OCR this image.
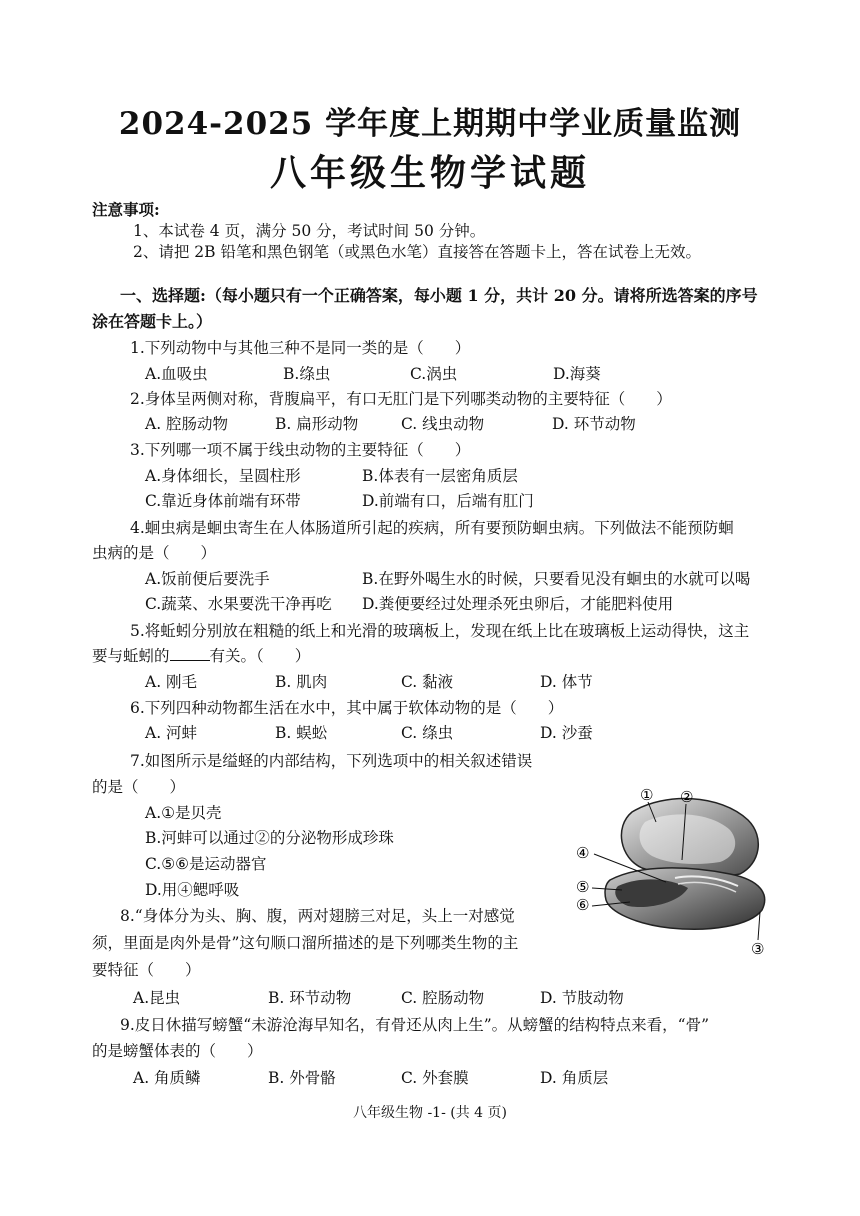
2024-2025 学年度上期期中学业质量监测
八年级生物学试题
注意事项:
1、本试卷 4 页，满分 50 分，考试时间 50 分钟。
2、请把 2B 铅笔和黑色钢笔（或黑色水笔）直接答在答题卡上，答在试卷上无效。
一、选择题:（每小题只有一个正确答案，每小题 1 分，共计 20 分。请将所选答案的序号
涂在答题卡上。）
1.下列动物中与其他三种不是同一类的是（　　）
A.血吸虫	B.绦虫	C.涡虫	D.海葵
2.身体呈两侧对称，背腹扁平，有口无肛门是下列哪类动物的主要特征（　　）
A. 腔肠动物	B. 扁形动物	C. 线虫动物	D. 环节动物
3.下列哪一项不属于线虫动物的主要特征（　　）
A.身体细长，呈圆柱形	B.体表有一层密角质层
C.靠近身体前端有环带	D.前端有口，后端有肛门
4.蛔虫病是蛔虫寄生在人体肠道所引起的疾病，所有要预防蛔虫病。下列做法不能预防蛔
虫病的是（　　）
A.饭前便后要洗手	B.在野外喝生水的时候，只要看见没有蛔虫的水就可以喝
C.蔬菜、水果要洗干净再吃 D.粪便要经过处理杀死虫卵后，才能肥料使用
5.将蚯蚓分别放在粗糙的纸上和光滑的玻璃板上，发现在纸上比在玻璃板上运动得快，这主
要与蚯蚓的	有关。（　　）
A. 刚毛	B. 肌肉	C. 黏液	D. 体节
6.下列四种动物都生活在水中，其中属于软体动物的是（　　）
A. 河蚌	B. 蜈蚣	C. 绦虫	D. 沙蚕
7.如图所示是缢蛏的内部结构，下列选项中的相关叙述错误
的是（　　）
A.①是贝壳
B.河蚌可以通过②的分泌物形成珍珠
C.⑤⑥是运动器官
D.用④鳃呼吸
① ②
④
⑤
⑥
③
8.“身体分为头、胸、腹，两对翅膀三对足，头上一对感觉
须，里面是肉外是骨”这句顺口溜所描述的是下列哪类生物的主
要特征（　　）
A.昆虫	B. 环节动物	C. 腔肠动物	D. 节肢动物
9.皮日休描写螃蟹“未游沧海早知名，有骨还从肉上生”。从螃蟹的结构特点来看，“骨”
的是螃蟹体表的（　　）
A. 角质鳞	B. 外骨骼	C. 外套膜	D. 角质层
八年级生物 -1- (共 4 页)
